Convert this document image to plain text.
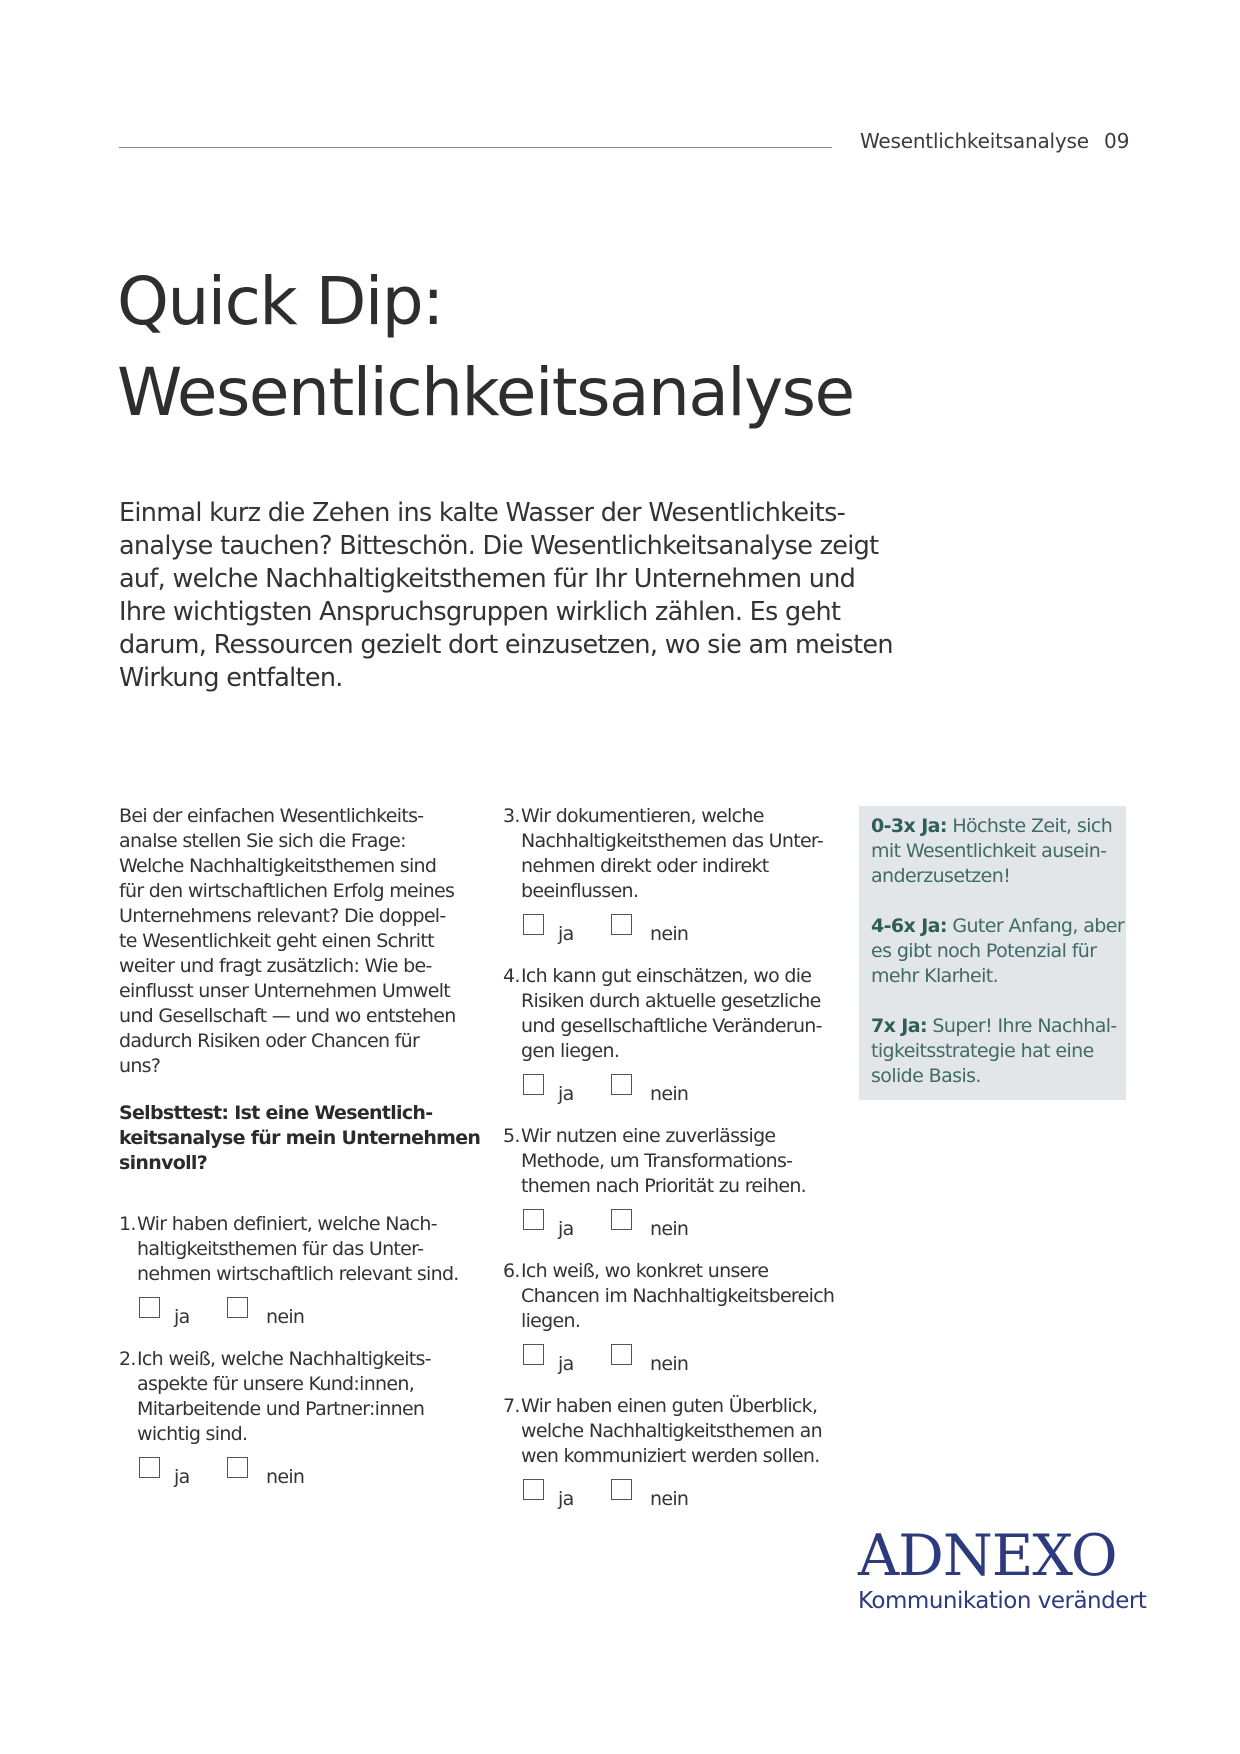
Wesentlichkeitsanalyse 09
Quick Dip:
Wesentlichkeitsanalyse

Einmal kurz die Zehen ins kalte Wasser der Wesentlichkeits-
analyse tauchen? Bitteschön. Die Wesentlichkeitsanalyse zeigt
auf, welche Nachhaltigkeitsthemen für Ihr Unternehmen und
Ihre wichtigsten Anspruchsgruppen wirklich zählen. Es geht
darum, Ressourcen gezielt dort einzusetzen, wo sie am meisten
Wirkung entfalten.

Bei der einfachen Wesentlichkeits-
analse stellen Sie sich die Frage:
Welche Nachhaltigkeitsthemen sind
für den wirtschaftlichen Erfolg meines
Unternehmens relevant? Die doppel-
te Wesentlichkeit geht einen Schritt
weiter und fragt zusätzlich: Wie be-
einflusst unser Unternehmen Umwelt
und Gesellschaft — und wo entstehen
dadurch Risiken oder Chancen für
uns?
Selbsttest: Ist eine Wesentlich-
keitsanalyse für mein Unternehmen
sinnvoll?
1. Wir haben definiert, welche Nach-
haltigkeitsthemen für das Unter-
nehmen wirtschaftlich relevant sind.
ja	nein
2. Ich weiß, welche Nachhaltigkeits-
aspekte für unsere Kund:innen,
Mitarbeitende und Partner:innen
wichtig sind.
ja	nein
3. Wir dokumentieren, welche
Nachhaltigkeitsthemen das Unter-
nehmen direkt oder indirekt
beeinflussen.
ja	nein
4. Ich kann gut einschätzen, wo die
Risiken durch aktuelle gesetzliche
und gesellschaftliche Veränderun-
gen liegen.
ja	nein
5. Wir nutzen eine zuverlässige
Methode, um Transformations-
themen nach Priorität zu reihen.
ja	nein
6. Ich weiß, wo konkret unsere
Chancen im Nachhaltigkeitsbereich
liegen.
ja	nein
7. Wir haben einen guten Überblick,
welche Nachhaltigkeitsthemen an
wen kommuniziert werden sollen.
ja	nein
0-3x Ja: Höchste Zeit, sich
mit Wesentlichkeit ausein-
anderzusetzen!
4-6x Ja: Guter Anfang, aber
es gibt noch Potenzial für
mehr Klarheit.
7x Ja: Super! Ihre Nachhal-
tigkeitsstrategie hat eine
solide Basis.
ADNEXO
Kommunikation verändert
